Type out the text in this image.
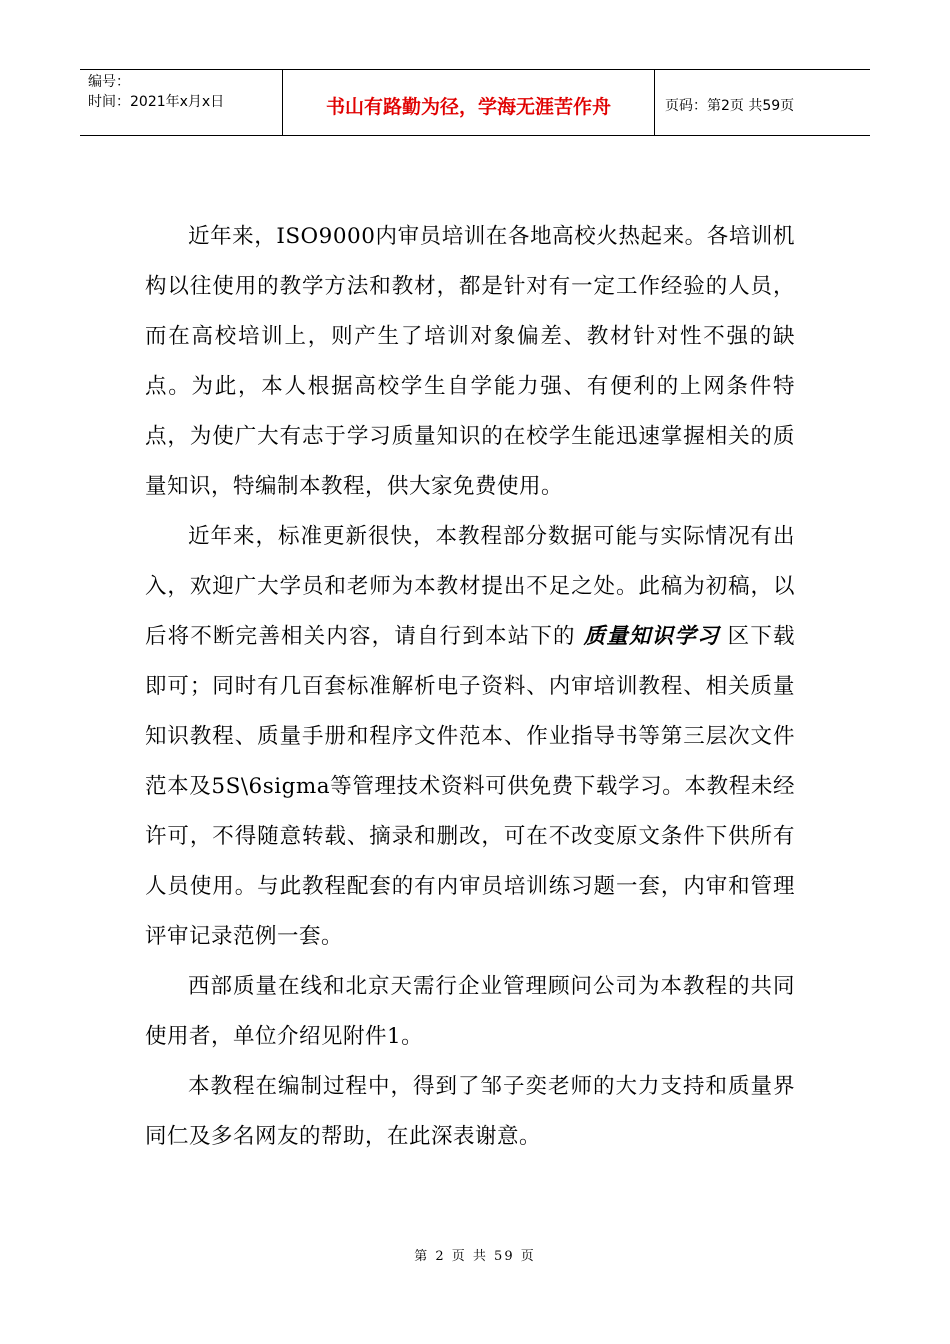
编号：
时间：2021年x月x日	书山有路勤为径，学海无涯苦作舟	页码：第2页 共59页

近年来，ISO9000内审员培训在各地高校火热起来。各培训机构以往使用的教学方法和教材，都是针对有一定工作经验的人员，而在高校培训上，则产生了培训对象偏差、教材针对性不强的缺点。为此，本人根据高校学生自学能力强、有便利的上网条件特点，为使广大有志于学习质量知识的在校学生能迅速掌握相关的质量知识，特编制本教程，供大家免费使用。

近年来，标准更新很快，本教程部分数据可能与实际情况有出入，欢迎广大学员和老师为本教材提出不足之处。此稿为初稿，以后将不断完善相关内容，请自行到本站下的 质量知识学习 区下载即可；同时有几百套标准解析电子资料、内审培训教程、相关质量知识教程、质量手册和程序文件范本、作业指导书等第三层次文件范本及5S\6sigma等管理技术资料可供免费下载学习。本教程未经许可，不得随意转载、摘录和删改，可在不改变原文条件下供所有人员使用。与此教程配套的有内审员培训练习题一套，内审和管理评审记录范例一套。

西部质量在线和北京天需行企业管理顾问公司为本教程的共同使用者，单位介绍见附件1。

本教程在编制过程中，得到了邹子奕老师的大力支持和质量界同仁及多名网友的帮助，在此深表谢意。

第 2 页 共 59 页
